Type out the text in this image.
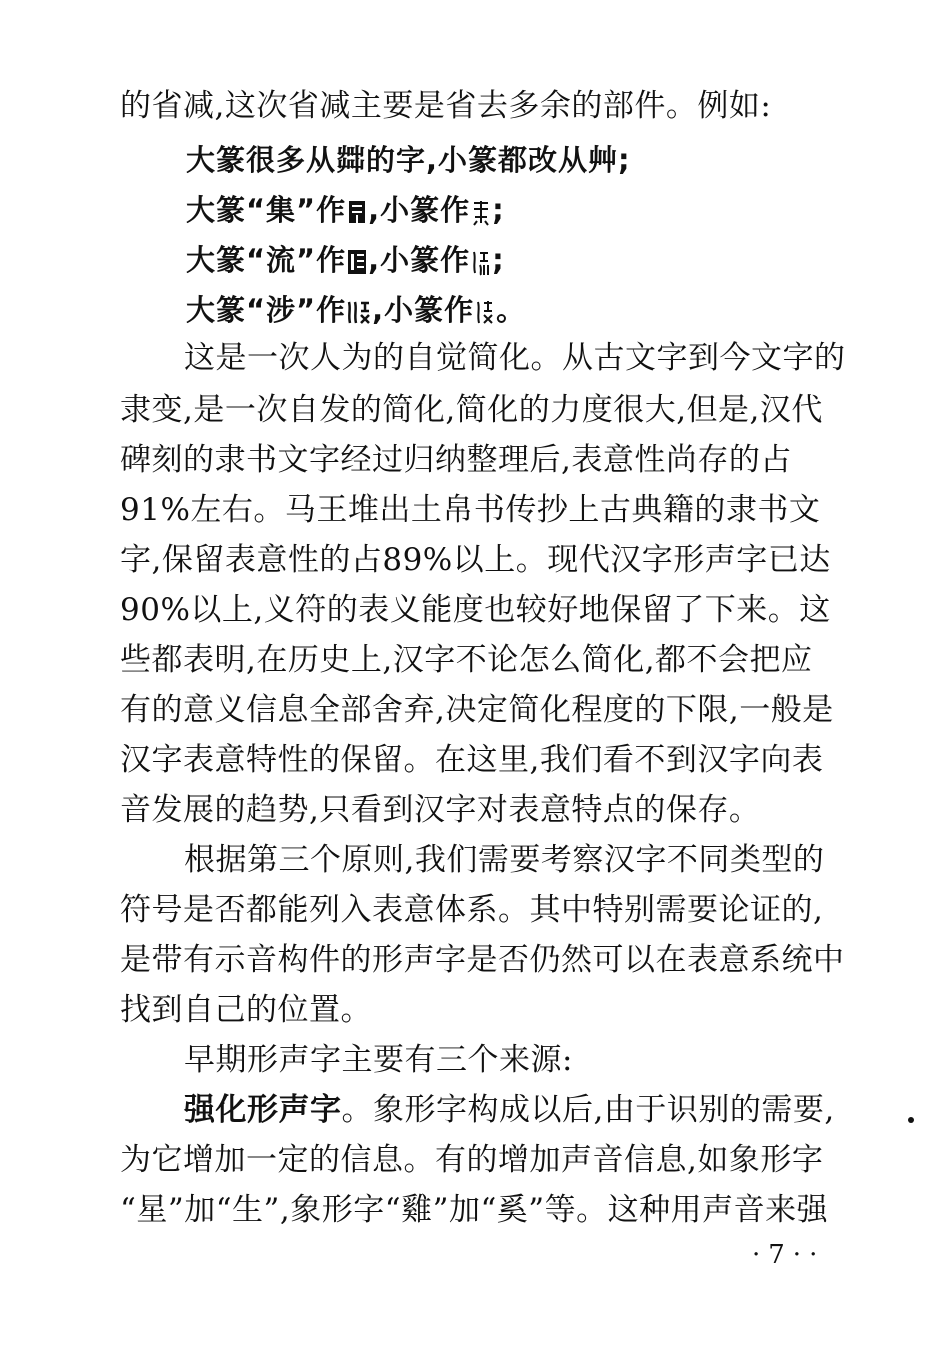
的省减,这次省减主要是省去多余的部件。例如:
大篆很多从茻的字,小篆都改从艸;
大篆“集”作 ,小篆作 ;
大篆“流”作 ,小篆作 ;
大篆“涉”作 ,小篆作 。
这是一次人为的自觉简化。从古文字到今文字的
隶变,是一次自发的简化,简化的力度很大,但是,汉代
碑刻的隶书文字经过归纳整理后,表意性尚存的占
91%左右。马王堆出土帛书传抄上古典籍的隶书文
字,保留表意性的占89%以上。现代汉字形声字已达
90%以上,义符的表义能度也较好地保留了下来。这
些都表明,在历史上,汉字不论怎么简化,都不会把应
有的意义信息全部舍弃,决定简化程度的下限,一般是
汉字表意特性的保留。在这里,我们看不到汉字向表
音发展的趋势,只看到汉字对表意特点的保存。
根据第三个原则,我们需要考察汉字不同类型的
符号是否都能列入表意体系。其中特别需要论证的,
是带有示音构件的形声字是否仍然可以在表意系统中
找到自己的位置。
早期形声字主要有三个来源:
强化形声字。象形字构成以后,由于识别的需要,
为它增加一定的信息。有的增加声音信息,如象形字
“星”加“生”,象形字“雞”加“奚”等。这种用声音来强
·7··
